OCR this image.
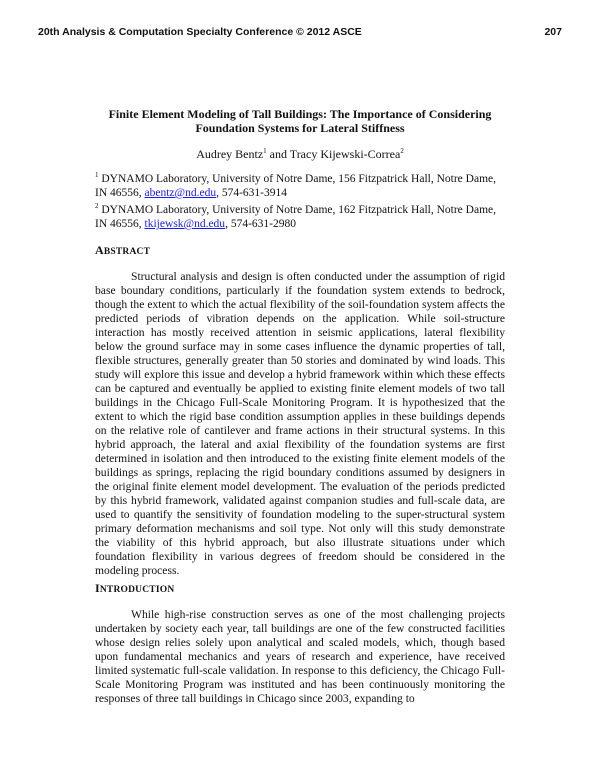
20th Analysis & Computation Specialty Conference © 2012 ASCE	207
Finite Element Modeling of Tall Buildings: The Importance of Considering Foundation Systems for Lateral Stiffness
Audrey Bentz$^1$ and Tracy Kijewski-Correa$^2$
$^1$ DYNAMO Laboratory, University of Notre Dame, 156 Fitzpatrick Hall, Notre Dame, IN 46556, abentz@nd.edu, 574-631-3914
$^2$ DYNAMO Laboratory, University of Notre Dame, 162 Fitzpatrick Hall, Notre Dame, IN 46556, tkijewsk@nd.edu, 574-631-2980
ABSTRACT

Structural analysis and design is often conducted under the assumption of rigid base boundary conditions, particularly if the foundation system extends to bedrock, though the extent to which the actual flexibility of the soil-foundation system affects the predicted periods of vibration depends on the application. While soil-structure interaction has mostly received attention in seismic applications, lateral flexibility below the ground surface may in some cases influence the dynamic properties of tall, flexible structures, generally greater than 50 stories and dominated by wind loads. This study will explore this issue and develop a hybrid framework within which these effects can be captured and eventually be applied to existing finite element models of two tall buildings in the Chicago Full-Scale Monitoring Program. It is hypothesized that the extent to which the rigid base condition assumption applies in these buildings depends on the relative role of cantilever and frame actions in their structural systems. In this hybrid approach, the lateral and axial flexibility of the foundation systems are first determined in isolation and then introduced to the existing finite element models of the buildings as springs, replacing the rigid boundary conditions assumed by designers in the original finite element model development. The evaluation of the periods predicted by this hybrid framework, validated against companion studies and full-scale data, are used to quantify the sensitivity of foundation modeling to the super-structural system primary deformation mechanisms and soil type. Not only will this study demonstrate the viability of this hybrid approach, but also illustrate situations under which foundation flexibility in various degrees of freedom should be considered in the modeling process.

INTRODUCTION

While high-rise construction serves as one of the most challenging projects undertaken by society each year, tall buildings are one of the few constructed facilities whose design relies solely upon analytical and scaled models, which, though based upon fundamental mechanics and years of research and experience, have received limited systematic full-scale validation. In response to this deficiency, the Chicago Full-Scale Monitoring Program was instituted and has been continuously monitoring the responses of three tall buildings in Chicago since 2003, expanding to
